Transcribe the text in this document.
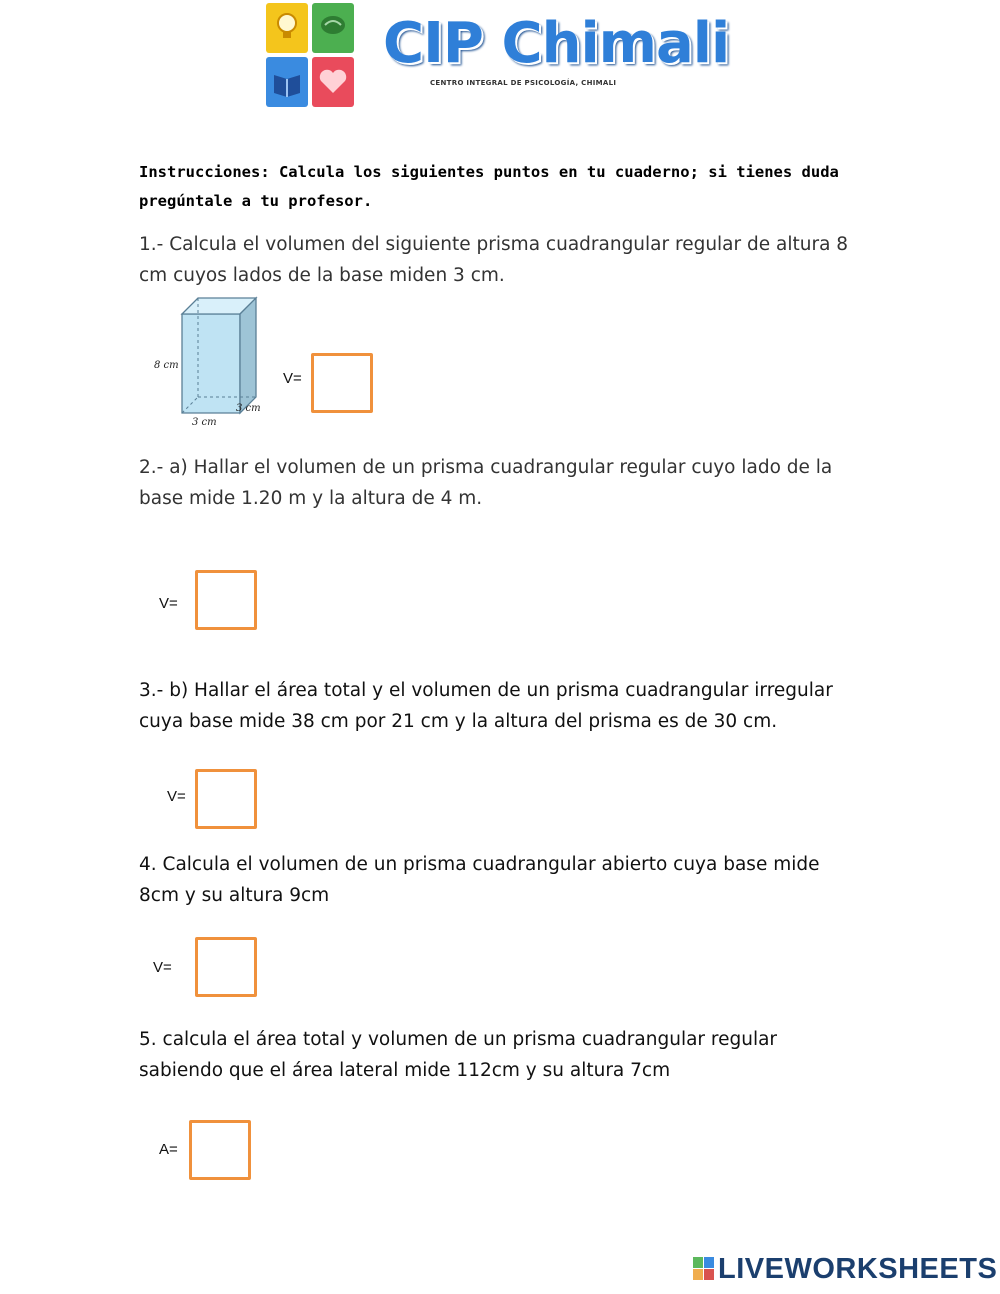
CIP Chimali
CENTRO INTEGRAL DE PSICOLOGÍA, CHIMALI
Instrucciones: Calcula los siguientes puntos en tu cuaderno; si tienes duda pregúntale a tu profesor.
1.- Calcula el volumen del siguiente prisma cuadrangular regular de altura 8 cm cuyos lados de la base miden 3 cm.
8 cm
3 cm
3 cm
V=
2.- a) Hallar el volumen de un prisma cuadrangular regular cuyo lado de la base mide 1.20 m y la altura de 4 m.
V=
3.- b) Hallar el área total y el volumen de un prisma cuadrangular irregular cuya base mide 38 cm por 21 cm y la altura del prisma es de 30 cm.
V=
4. Calcula el volumen de un prisma cuadrangular abierto cuya base mide 8cm y su altura 9cm
V=
5. calcula el área total y volumen de un prisma cuadrangular regular sabiendo que el área lateral mide 112cm y su altura 7cm
A=
LIVEWORKSHEETS
